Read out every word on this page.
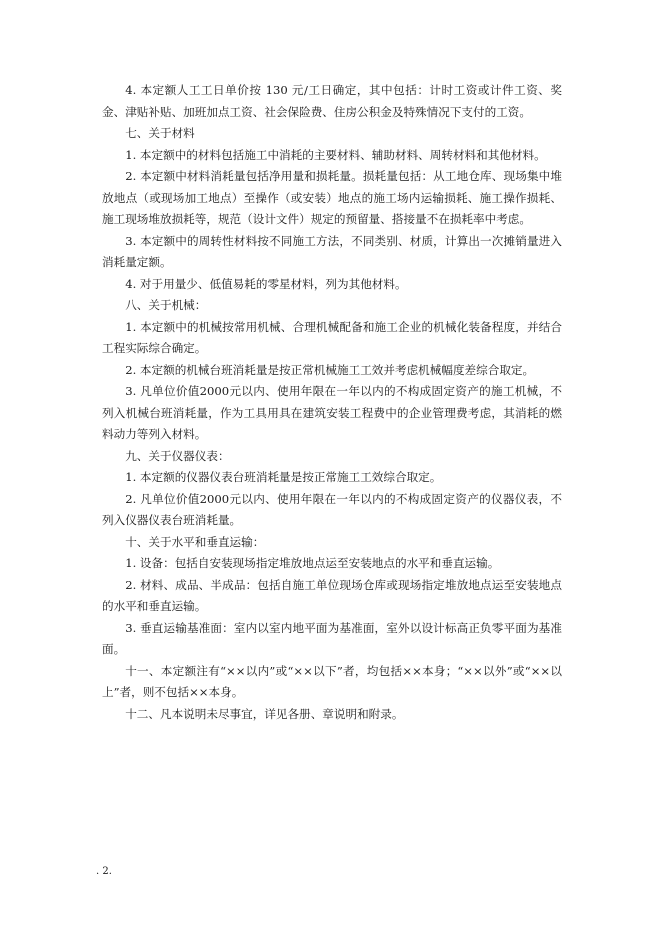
4. 本定额人工工日单价按 130 元/工日确定，其中包括：计时工资或计件工资、奖金、津贴补贴、加班加点工资、社会保险费、住房公积金及特殊情况下支付的工资。

七、关于材料

1. 本定额中的材料包括施工中消耗的主要材料、辅助材料、周转材料和其他材料。

2. 本定额中材料消耗量包括净用量和损耗量。损耗量包括：从工地仓库、现场集中堆放地点（或现场加工地点）至操作（或安装）地点的施工场内运输损耗、施工操作损耗、施工现场堆放损耗等，规范（设计文件）规定的预留量、搭接量不在损耗率中考虑。

3. 本定额中的周转性材料按不同施工方法，不同类别、材质，计算出一次摊销量进入消耗量定额。

4. 对于用量少、低值易耗的零星材料，列为其他材料。

八、关于机械：

1. 本定额中的机械按常用机械、合理机械配备和施工企业的机械化装备程度，并结合工程实际综合确定。

2. 本定额的机械台班消耗量是按正常机械施工工效并考虑机械幅度差综合取定。

3. 凡单位价值2000元以内、使用年限在一年以内的不构成固定资产的施工机械，不列入机械台班消耗量，作为工具用具在建筑安装工程费中的企业管理费考虑，其消耗的燃料动力等列入材料。

九、关于仪器仪表：

1. 本定额的仪器仪表台班消耗量是按正常施工工效综合取定。

2. 凡单位价值2000元以内、使用年限在一年以内的不构成固定资产的仪器仪表，不列入仪器仪表台班消耗量。

十、关于水平和垂直运输：

1. 设备：包括自安装现场指定堆放地点运至安装地点的水平和垂直运输。

2. 材料、成品、半成品：包括自施工单位现场仓库或现场指定堆放地点运至安装地点的水平和垂直运输。

3. 垂直运输基准面：室内以室内地平面为基准面，室外以设计标高正负零平面为基准面。

十一、本定额注有“××以内”或“××以下”者，均包括××本身；“××以外”或“××以上”者，则不包括××本身。

十二、凡本说明未尽事宜，详见各册、章说明和附录。

. 2.
